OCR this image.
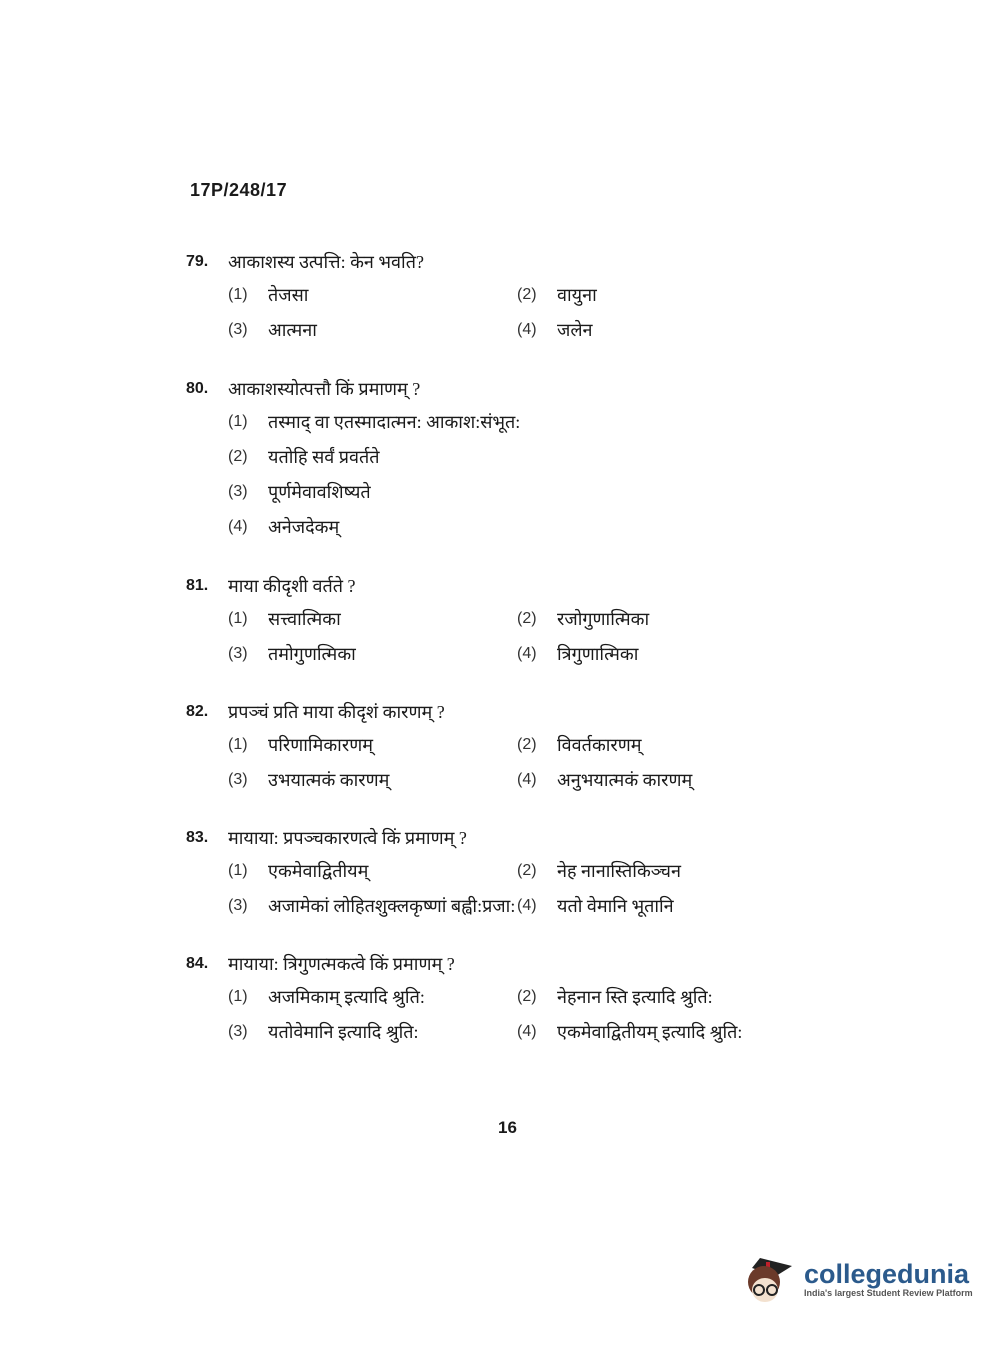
17P/248/17
79.	आकाशस्य उत्पत्ति: केन भवति?
(1)	तेजसा	(2)	वायुना
(3)	आत्मना	(4)	जलेन
80.	आकाशस्योत्पत्तौ किं प्रमाणम् ?
(1)	तस्माद् वा एतस्मादात्मन: आकाश:संभूत:
(2)	यतोहि सर्वं प्रवर्तते
(3)	पूर्णमेवावशिष्यते
(4)	अनेजदेकम्
81.	माया कीदृशी वर्तते ?
(1)	सत्त्वात्मिका	(2)	रजोगुणात्मिका
(3)	तमोगुणत्मिका	(4)	त्रिगुणात्मिका
82.	प्रपञ्चं प्रति माया कीदृशं कारणम् ?
(1)	परिणामिकारणम्	(2)	विवर्तकारणम्
(3)	उभयात्मकं कारणम्	(4)	अनुभयात्मकं कारणम्
83.	मायाया: प्रपञ्चकारणत्वे किं प्रमाणम् ?
(1)	एकमेवाद्वितीयम्	(2)	नेह नानास्तिकिञ्चन
(3)	अजामेकां लोहितशुक्लकृष्णां बह्वी:प्रजा: (4)	यतो वेमानि भूतानि
84.	मायाया: त्रिगुणत्मकत्वे किं प्रमाणम् ?
(1)	अजमिकाम् इत्यादि श्रुति:	(2)	नेहनान स्ति इत्यादि श्रुति:
(3)	यतोवेमानि इत्यादि श्रुति:	(4)	एकमेवाद्वितीयम् इत्यादि श्रुति:
16
collegedunia
India's largest Student Review Platform
